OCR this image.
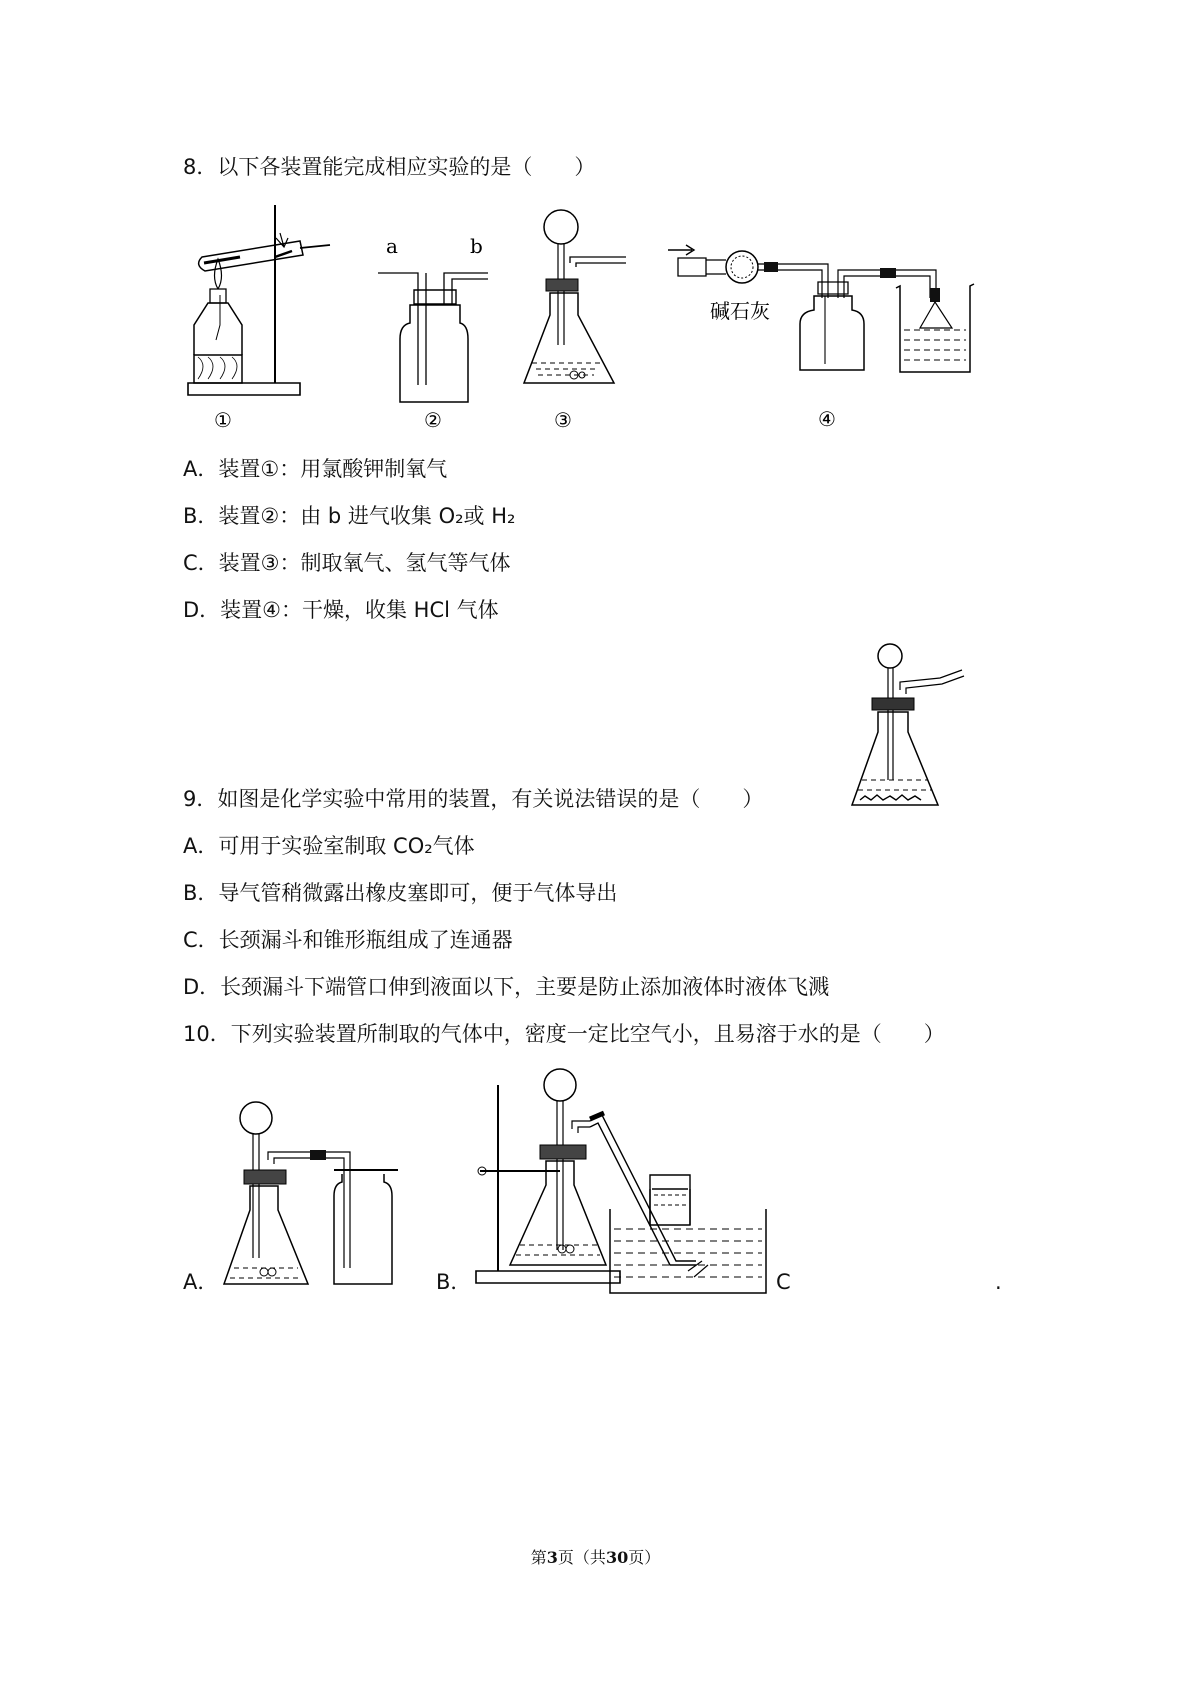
8．以下各装置能完成相应实验的是（　　）
①
a	b
②	③
碱石灰
④
A．装置①：用氯酸钾制氧气
B．装置②：由 b 进气收集 O₂或 H₂
C．装置③：制取氧气、氢气等气体
D．装置④：干燥，收集 HCl 气体
9．如图是化学实验中常用的装置，有关说法错误的是（　　）
A．可用于实验室制取 CO₂气体
B．导气管稍微露出橡皮塞即可，便于气体导出
C．长颈漏斗和锥形瓶组成了连通器
D．长颈漏斗下端管口伸到液面以下，主要是防止添加液体时液体飞溅
10．下列实验装置所制取的气体中，密度一定比空气小，且易溶于水的是（　　）
A．	B．	C	.
第3页（共30页）
